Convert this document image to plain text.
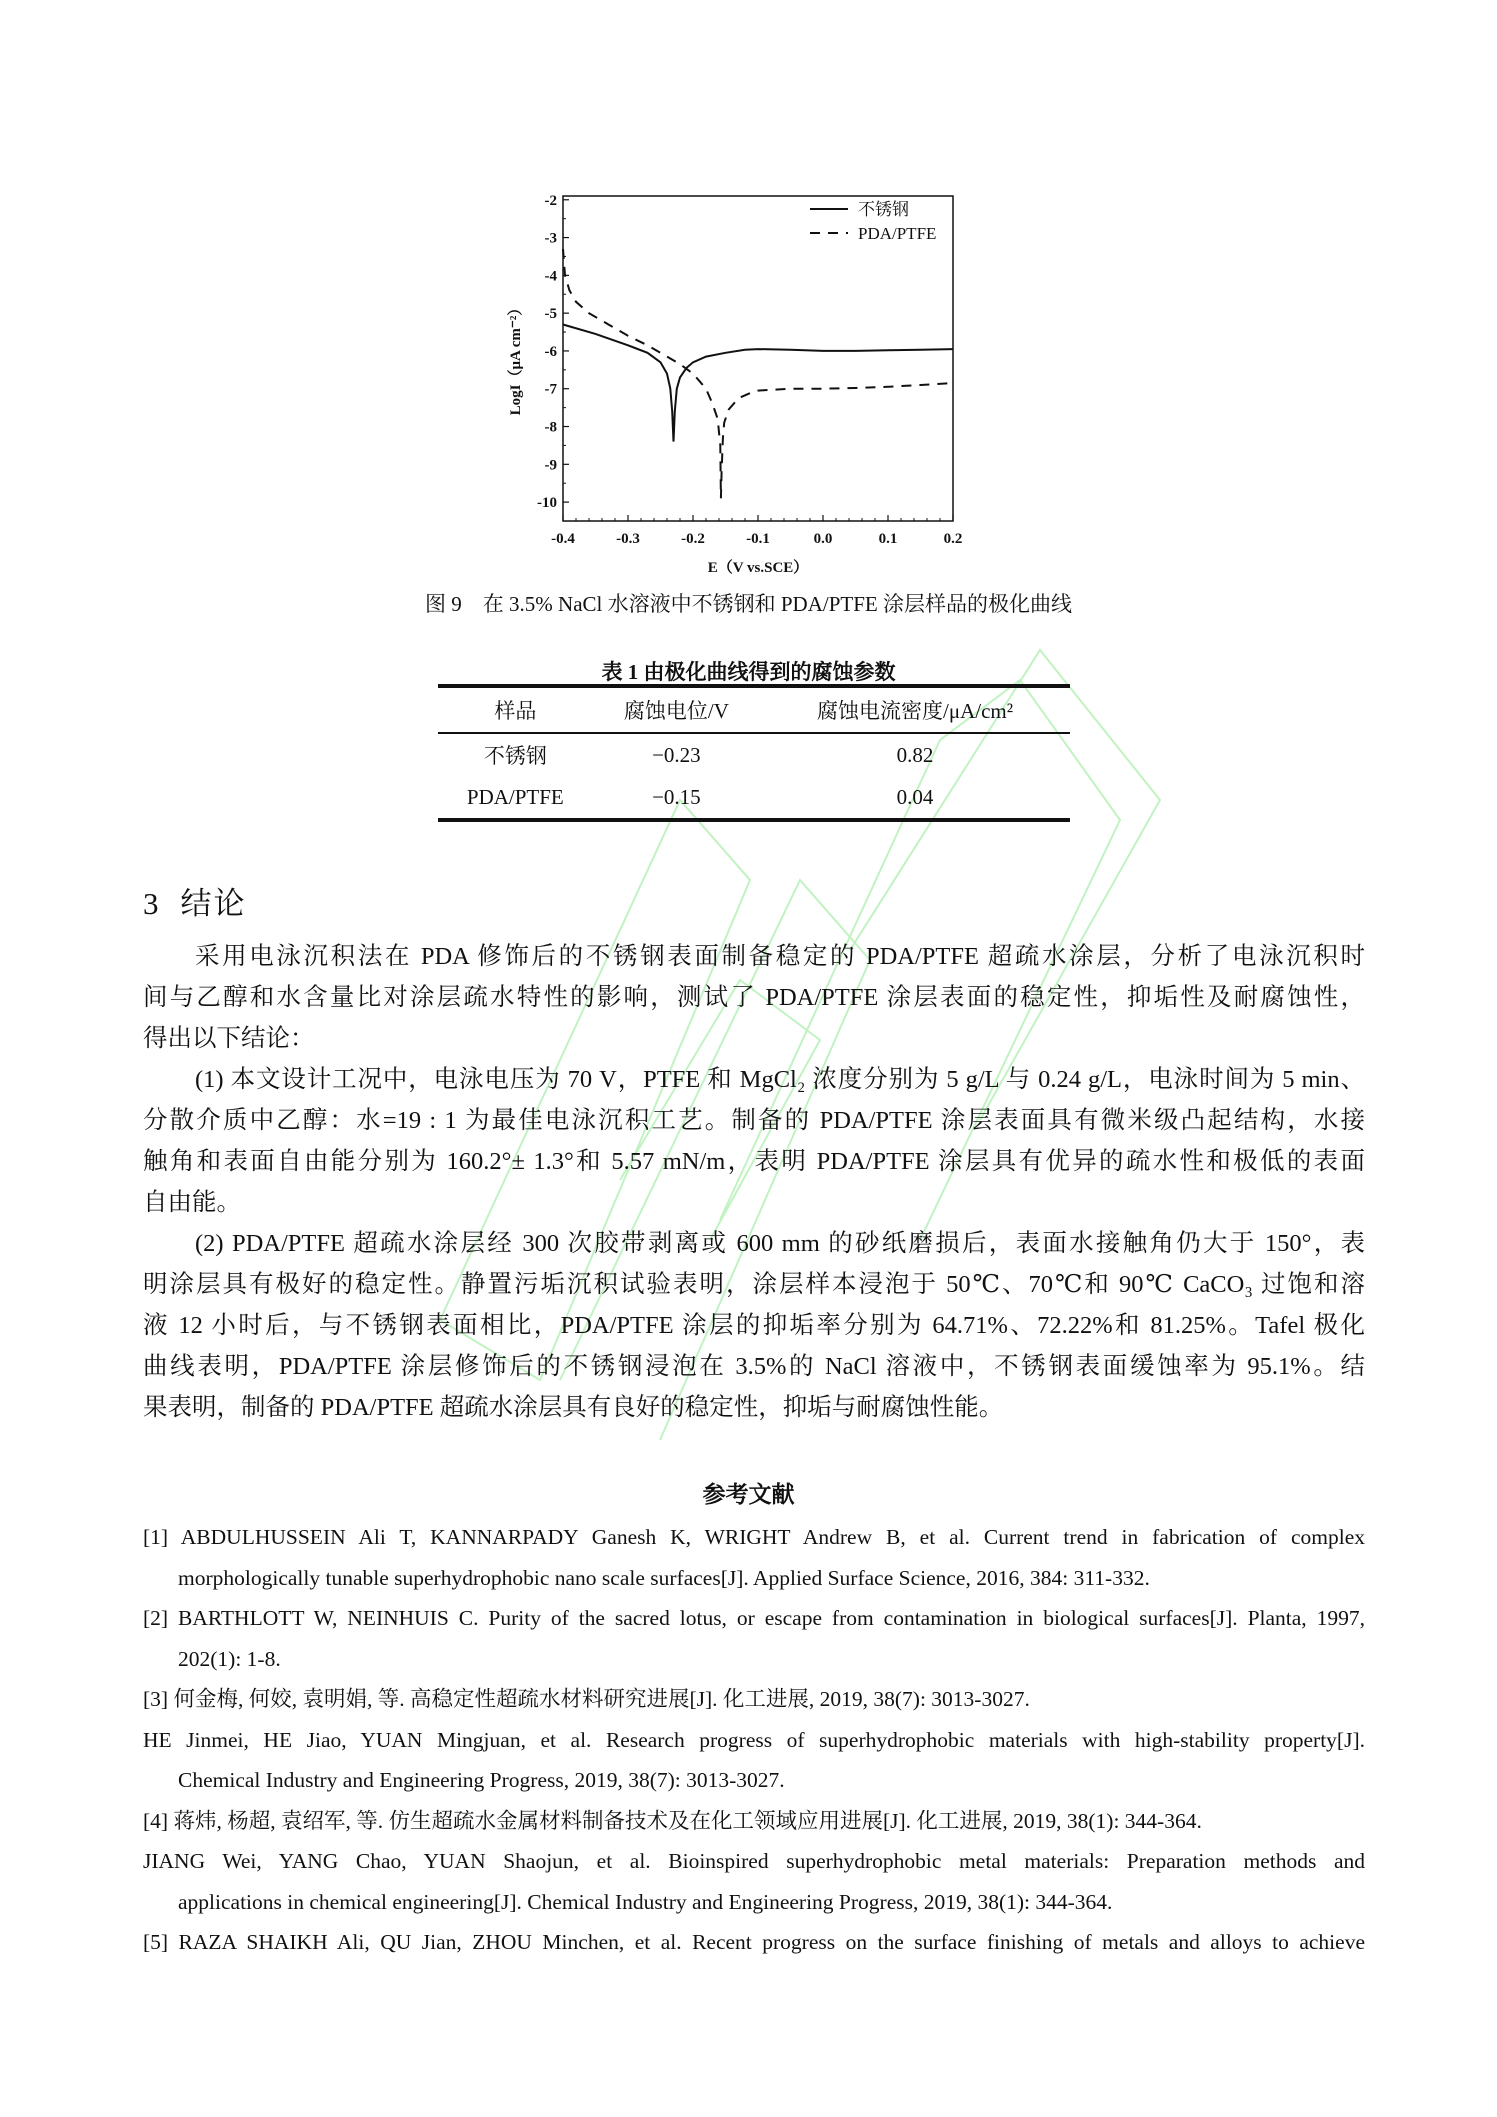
-0.4	-0.3	-0.2	-0.1	0.0	0.1	0.2
-2
-3
-4
-5
-6
-7
-8
-9
-10
E（V vs.SCE）
LogI（μA cm⁻²）
不锈钢
PDA/PTFE
图 9　在 3.5% NaCl 水溶液中不锈钢和 PDA/PTFE 涂层样品的极化曲线
表 1 由极化曲线得到的腐蚀参数
样品	腐蚀电位/V	腐蚀电流密度/μA/cm²
不锈钢	−0.23	0.82
PDA/PTFE	−0.15	0.04
3 结论
采用电泳沉积法在 PDA 修饰后的不锈钢表面制备稳定的 PDA/PTFE 超疏水涂层，分析了电泳沉积时
间与乙醇和水含量比对涂层疏水特性的影响，测试了 PDA/PTFE 涂层表面的稳定性，抑垢性及耐腐蚀性，
得出以下结论：
(1) 本文设计工况中，电泳电压为 70 V，PTFE 和 MgCl₂ 浓度分别为 5 g/L 与 0.24 g/L，电泳时间为 5 min、
分散介质中乙醇：水=19 : 1 为最佳电泳沉积工艺。制备的 PDA/PTFE 涂层表面具有微米级凸起结构，水接
触角和表面自由能分别为 160.2°± 1.3°和 5.57 mN/m，表明 PDA/PTFE 涂层具有优异的疏水性和极低的表面
自由能。
(2) PDA/PTFE 超疏水涂层经 300 次胶带剥离或 600 mm 的砂纸磨损后，表面水接触角仍大于 150°，表
明涂层具有极好的稳定性。静置污垢沉积试验表明，涂层样本浸泡于 50℃、70℃和 90℃ CaCO₃ 过饱和溶
液 12 小时后，与不锈钢表面相比，PDA/PTFE 涂层的抑垢率分别为 64.71%、72.22%和 81.25%。Tafel 极化
曲线表明，PDA/PTFE 涂层修饰后的不锈钢浸泡在 3.5%的 NaCl 溶液中，不锈钢表面缓蚀率为 95.1%。结
果表明，制备的 PDA/PTFE 超疏水涂层具有良好的稳定性，抑垢与耐腐蚀性能。
参考文献
[1] ABDULHUSSEIN Ali T, KANNARPADY Ganesh K, WRIGHT Andrew B, et al. Current trend in fabrication of complex
morphologically tunable superhydrophobic nano scale surfaces[J]. Applied Surface Science, 2016, 384: 311-332.
[2] BARTHLOTT W, NEINHUIS C. Purity of the sacred lotus, or escape from contamination in biological surfaces[J]. Planta, 1997,
202(1): 1-8.
[3] 何金梅, 何姣, 袁明娟, 等. 高稳定性超疏水材料研究进展[J]. 化工进展, 2019, 38(7): 3013-3027.
HE Jinmei, HE Jiao, YUAN Mingjuan, et al. Research progress of superhydrophobic materials with high-stability property[J].
Chemical Industry and Engineering Progress, 2019, 38(7): 3013-3027.
[4] 蒋炜, 杨超, 袁绍军, 等. 仿生超疏水金属材料制备技术及在化工领域应用进展[J]. 化工进展, 2019, 38(1): 344-364.
JIANG Wei, YANG Chao, YUAN Shaojun, et al. Bioinspired superhydrophobic metal materials: Preparation methods and
applications in chemical engineering[J]. Chemical Industry and Engineering Progress, 2019, 38(1): 344-364.
[5] RAZA SHAIKH Ali, QU Jian, ZHOU Minchen, et al. Recent progress on the surface finishing of metals and alloys to achieve
